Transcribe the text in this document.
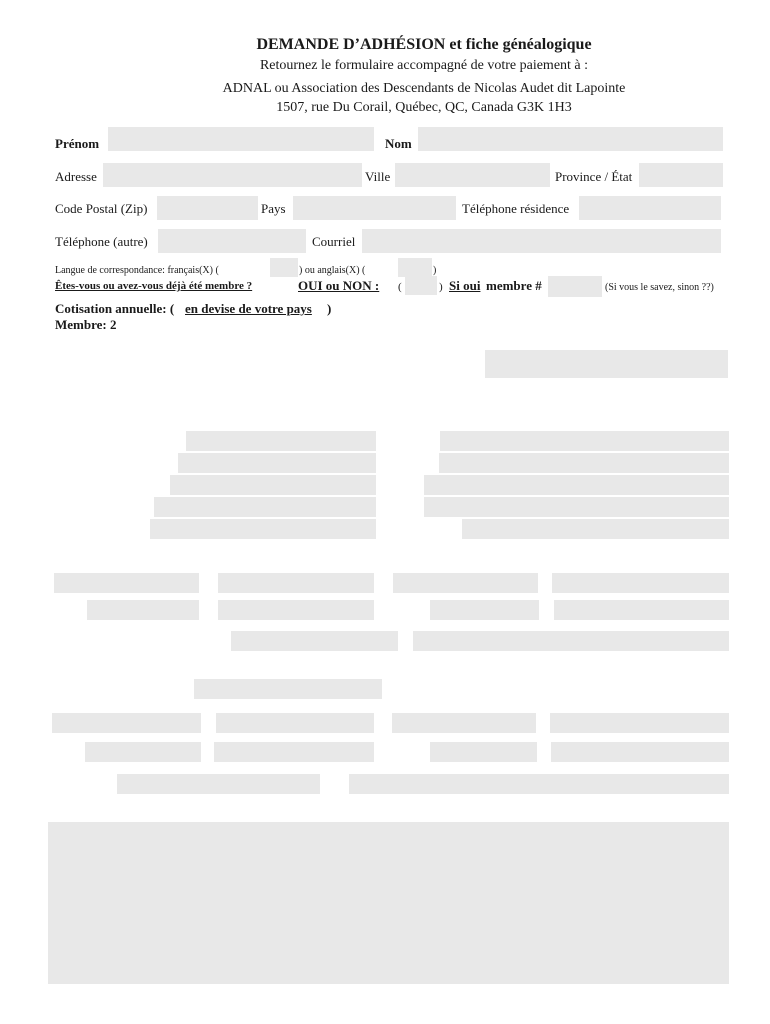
DEMANDE D’ADHÉSION et fiche généalogique
Retournez le formulaire accompagné de votre paiement à :
ADNAL ou Association des Descendants de Nicolas Audet dit Lapointe
1507, rue Du Corail, Québec, QC, Canada G3K 1H3
Prénom	Nom
Adresse	Ville	Province / État
Code Postal (Zip)	Pays	Téléphone résidence
Téléphone (autre)	Courriel
Langue de correspondance: français(X) (	) ou anglais(X) (	)
Êtes-vous ou avez-vous déjà été membre ?	OUI ou NON : (	) Si oui membre #	(Si vous le savez, sinon ??)
Cotisation annuelle: ( en devise de votre pays )
Membre: 2
